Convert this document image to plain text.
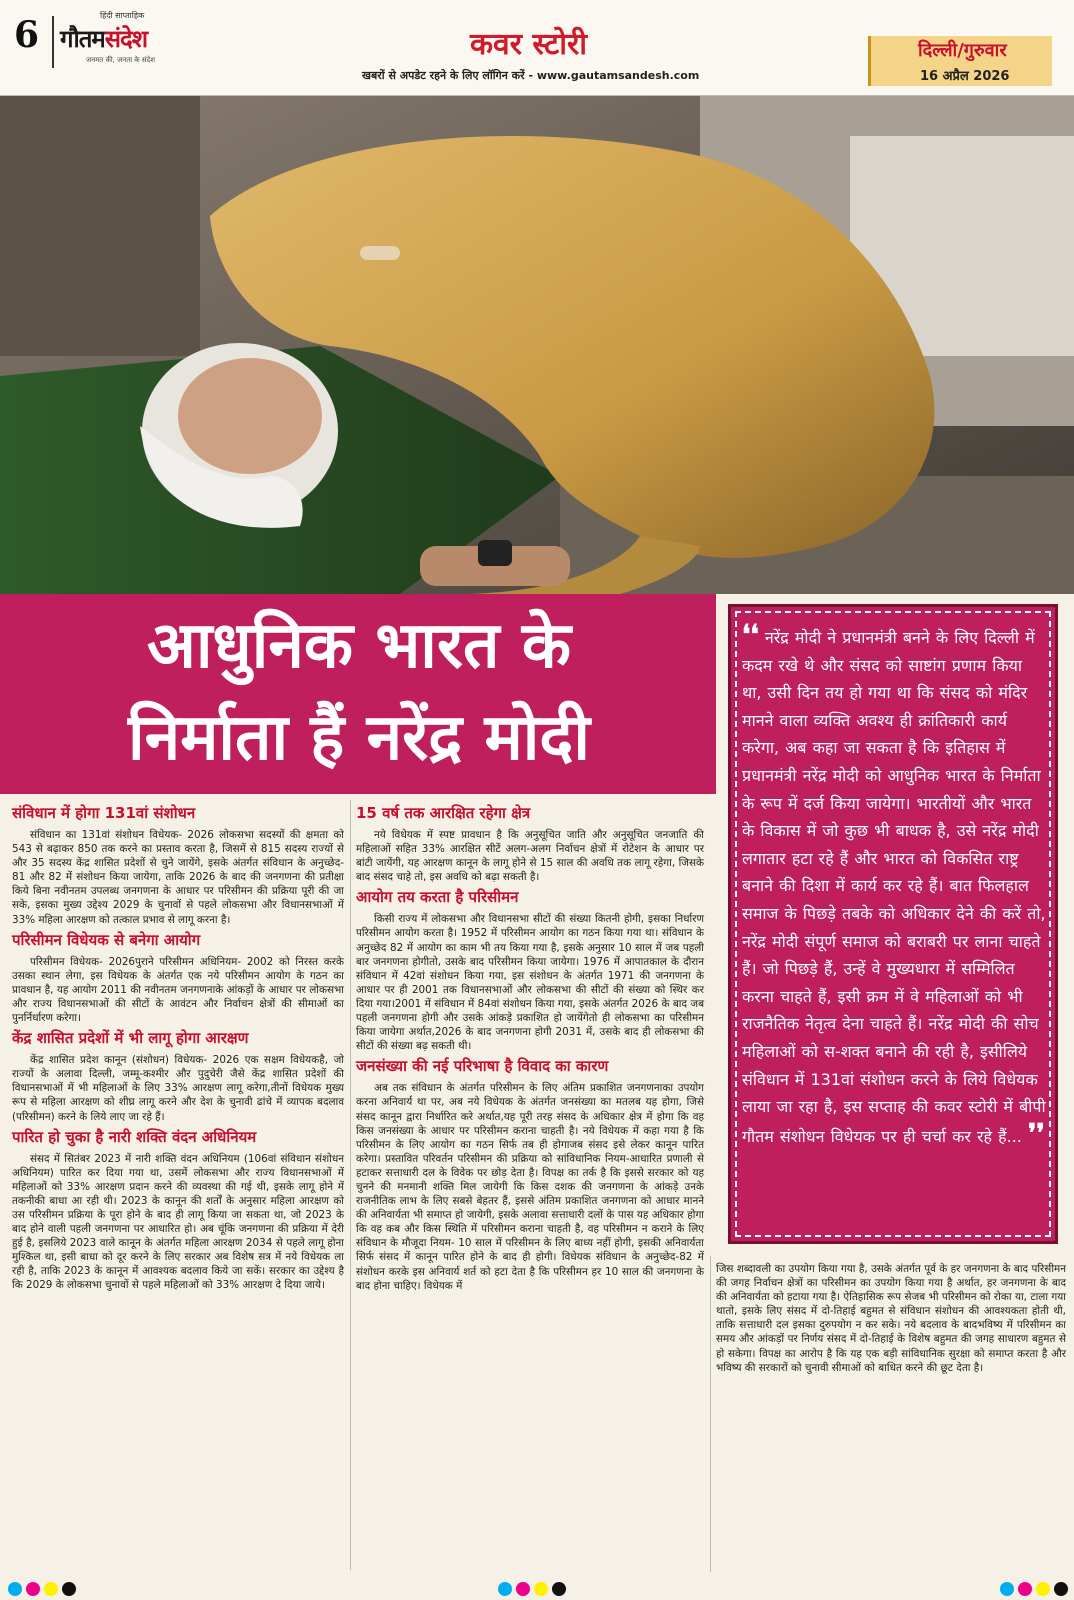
6	हिंदी साप्ताहिक
गौतमसंदेश
जनमत की, जनता के संदेश	कवर स्टोरी
खबरों से अपडेट रहने के लिए लॉगिन करें - www.gautamsandesh.com
दिल्ली/गुरुवार
16 अप्रैल 2026
आधुनिक भारत के
निर्माता हैं नरेंद्र मोदी
❛❛ नरेंद्र मोदी ने प्रधानमंत्री बनने के लिए दिल्ली में कदम रखे थे और संसद को साष्टांग प्रणाम किया था, उसी दिन तय हो गया था कि संसद को मंदिर मानने वाला व्यक्ति अवश्य ही क्रांतिकारी कार्य करेगा, अब कहा जा सकता है कि इतिहास में प्रधानमंत्री नरेंद्र मोदी को आधुनिक भारत के निर्माता के रूप में दर्ज किया जायेगा। भारतीयों और भारत के विकास में जो कुछ भी बाधक है, उसे नरेंद्र मोदी लगातार हटा रहे हैं और भारत को विकसित राष्ट्र बनाने की दिशा में कार्य कर रहे हैं। बात फिलहाल समाज के पिछड़े तबके को अधिकार देने की करें तो, नरेंद्र मोदी संपूर्ण समाज को बराबरी पर लाना चाहते हैं। जो पिछड़े हैं, उन्हें वे मुख्यधारा में सम्मिलित करना चाहते हैं, इसी क्रम में वे महिलाओं को भी राजनैतिक नेतृत्व देना चाहते हैं। नरेंद्र मोदी की सोच महिलाओं को स-शक्त बनाने की रही है, इसीलिये संविधान में 131वां संशोधन करने के लिये विधेयक लाया जा रहा है, इस सप्ताह की कवर स्टोरी में बीपी गौतम संशोधन विधेयक पर ही चर्चा कर रहे हैं... ❜❜
संविधान में होगा 131वां संशोधन

संविधान का 131वां संशोधन विधेयक- 2026 लोकसभा सदस्यों की क्षमता को 543 से बढ़ाकर 850 तक करने का प्रस्ताव करता है, जिसमें से 815 सदस्य राज्यों से और 35 सदस्य केंद्र शासित प्रदेशों से चुने जायेंगे, इसके अंतर्गत संविधान के अनुच्छेद- 81 और 82 में संशोधन किया जायेगा, ताकि 2026 के बाद की जनगणना की प्रतीक्षा किये बिना नवीनतम उपलब्ध जनगणना के आधार पर परिसीमन की प्रक्रिया पूरी की जा सके, इसका मुख्य उद्देश्य 2029 के चुनावों से पहले लोकसभा और विधानसभाओं में 33% महिला आरक्षण को तत्काल प्रभाव से लागू करना है।

परिसीमन विधेयक से बनेगा आयोग

परिसीमन विधेयक- 2026पुराने परिसीमन अधिनियम- 2002 को निरस्त करके उसका स्थान लेगा, इस विधेयक के अंतर्गत एक नये परिसीमन आयोग के गठन का प्रावधान है, यह आयोग 2011 की नवीनतम जनगणनाके आंकड़ों के आधार पर लोकसभा और राज्य विधानसभाओं की सीटों के आवंटन और निर्वाचन क्षेत्रों की सीमाओं का पुनर्निर्धारण करेगा।

केंद्र शासित प्रदेशों में भी लागू होगा आरक्षण

केंद्र शासित प्रदेश कानून (संशोधन) विधेयक- 2026 एक सक्षम विधेयकहै, जो राज्यों के अलावा दिल्ली, जम्मू-कश्मीर और पुदुचेरी जैसे केंद्र शासित प्रदेशों की विधानसभाओं में भी महिलाओं के लिए 33% आरक्षण लागू करेगा,तीनों विधेयक मुख्य रूप से महिला आरक्षण को शीघ्र लागू करने और देश के चुनावी ढांचे में व्यापक बदलाव (परिसीमन) करने के लिये लाए जा रहे हैं।

पारित हो चुका है नारी शक्ति वंदन अधिनियम

संसद में सितंबर 2023 में नारी शक्ति वंदन अधिनियम (106वां संविधान संशोधन अधिनियम) पारित कर दिया गया था, उसमें लोकसभा और राज्य विधानसभाओं में महिलाओं को 33% आरक्षण प्रदान करने की व्यवस्था की गई थी, इसके लागू होने में तकनीकी बाधा आ रही थी। 2023 के कानून की शर्तों के अनुसार महिला आरक्षण को उस परिसीमन प्रक्रिया के पूरा होने के बाद ही लागू किया जा सकता था, जो 2023 के बाद होने वाली पहली जनगणना पर आधारित हो। अब चूंकि जनगणना की प्रक्रिया में देरी हुई है, इसलिये 2023 वाले कानून के अंतर्गत महिला आरक्षण 2034 से पहले लागू होना मुश्किल था, इसी बाधा को दूर करने के लिए सरकार अब विशेष सत्र में नये विधेयक ला रही है, ताकि 2023 के कानून में आवश्यक बदलाव किये जा सकें। सरकार का उद्देश्य है कि 2029 के लोकसभा चुनावों से पहले महिलाओं को 33% आरक्षण दे दिया जाये।

15 वर्ष तक आरक्षित रहेगा क्षेत्र

नये विधेयक में स्पष्ट प्रावधान है कि अनुसूचित जाति और अनुसूचित जनजाति की महिलाओं सहित 33% आरक्षित सीटें अलग-अलग निर्वाचन क्षेत्रों में रोटेशन के आधार पर बांटी जायेंगी, यह आरक्षण कानून के लागू होने से 15 साल की अवधि तक लागू रहेगा, जिसके बाद संसद चाहे तो, इस अवधि को बढ़ा सकती है।

आयोग तय करता है परिसीमन

किसी राज्य में लोकसभा और विधानसभा सीटों की संख्या कितनी होगी, इसका निर्धारण परिसीमन आयोग करता है। 1952 में परिसीमन आयोग का गठन किया गया था। संविधान के अनुच्छेद 82 में आयोग का काम भी तय किया गया है, इसके अनुसार 10 साल में जब पहली बार जनगणना होगीतो, उसके बाद परिसीमन किया जायेगा। 1976 में आपातकाल के दौरान संविधान में 42वां संशोधन किया गया, इस संशोधन के अंतर्गत 1971 की जनगणना के आधार पर ही 2001 तक विधानसभाओं और लोकसभा की सीटों की संख्या को स्थिर कर दिया गया।2001 में संविधान में 84वां संशोधन किया गया, इसके अंतर्गत 2026 के बाद जब पहली जनगणना होगी और उसके आंकड़े प्रकाशित हो जायेंगेतो ही लोकसभा का परिसीमन किया जायेगा अर्थात,2026 के बाद जनगणना होगी 2031 में, उसके बाद ही लोकसभा की सीटों की संख्या बढ़ सकती थी।

जनसंख्या की नई परिभाषा है विवाद का कारण

अब तक संविधान के अंतर्गत परिसीमन के लिए अंतिम प्रकाशित जनगणनाका उपयोग करना अनिवार्य था पर, अब नये विधेयक के अंतर्गत जनसंख्या का मतलब यह होगा, जिसे संसद कानून द्वारा निर्धारित करे अर्थात,यह पूरी तरह संसद के अधिकार क्षेत्र में होगा कि वह किस जनसंख्या के आधार पर परिसीमन कराना चाहती है। नये विधेयक में कहा गया है कि परिसीमन के लिए आयोग का गठन सिर्फ तब ही होगाजब संसद इसे लेकर कानून पारित करेगा। प्रस्तावित परिवर्तन परिसीमन की प्रक्रिया को सांविधानिक नियम-आधारित प्रणाली से हटाकर सत्ताधारी दल के विवेक पर छोड़ देता है। विपक्ष का तर्क है कि इससे सरकार को यह चुनने की मनमानी शक्ति मिल जायेगी कि किस दशक की जनगणना के आंकड़े उनके राजनीतिक लाभ के लिए सबसे बेहतर हैं, इससे अंतिम प्रकाशित जनगणना को आधार मानने की अनिवार्यता भी समाप्त हो जायेगी, इसके अलावा सत्ताधारी दलों के पास यह अधिकार होगा कि वह कब और किस स्थिति में परिसीमन कराना चाहती है, वह परिसीमन न कराने के लिए संविधान के मौजूदा नियम- 10 साल में परिसीमन के लिए बाध्य नहीं होगी, इसकी अनिवार्यता सिर्फ संसद में कानून पारित होने के बाद ही होगी। विधेयक संविधान के अनुच्छेद-82 में संशोधन करके इस अनिवार्य शर्त को हटा देता है कि परिसीमन हर 10 साल की जनगणना के बाद होना चाहिए। विधेयक में

जिस शब्दावली का उपयोग किया गया है, उसके अंतर्गत पूर्व के हर जनगणना के बाद परिसीमन की जगह निर्वाचन क्षेत्रों का परिसीमन का उपयोग किया गया है अर्थात, हर जनगणना के बाद की अनिवार्यता को हटाया गया है। ऐतिहासिक रूप सेजब भी परिसीमन को रोका या, टाला गया थातो, इसके लिए संसद में दो-तिहाई बहुमत से संविधान संशोधन की आवश्यकता होती थी, ताकि सत्ताधारी दल इसका दुरुपयोग न कर सके। नये बदलाव के बादभविष्य में परिसीमन का समय और आंकड़ों पर निर्णय संसद में दो-तिहाई के विशेष बहुमत की जगह साधारण बहुमत से हो सकेगा। विपक्ष का आरोप है कि यह एक बड़ी सांविधानिक सुरक्षा को समाप्त करता है और भविष्य की सरकारों को चुनावी सीमाओं को बाधित करने की छूट देता है।
